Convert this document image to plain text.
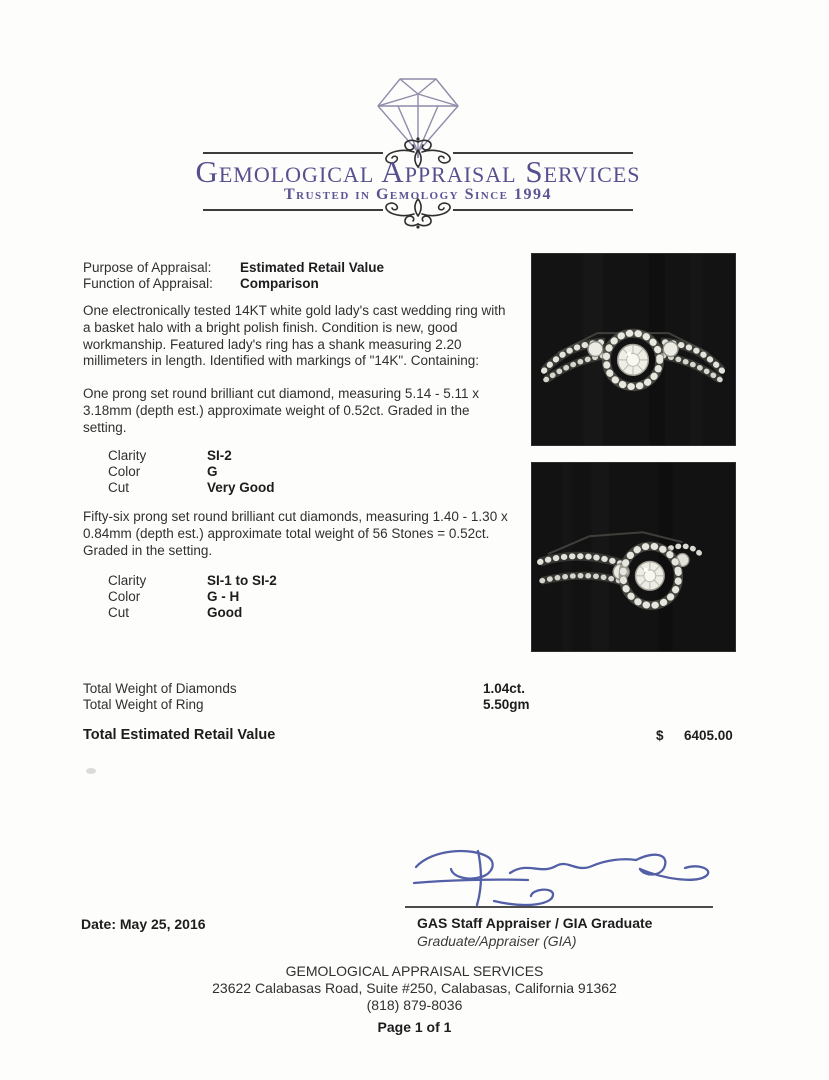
Gemological Appraisal Services
Trusted in Gemology Since 1994
Purpose of Appraisal: Estimated Retail Value
Function of Appraisal: Comparison
One electronically tested 14KT white gold lady's cast wedding ring with a basket halo with a bright polish finish. Condition is new, good workmanship. Featured lady's ring has a shank measuring 2.20 millimeters in length. Identified with markings of "14K". Containing:
One prong set round brilliant cut diamond, measuring 5.14 - 5.11 x 3.18mm (depth est.) approximate weight of 0.52ct. Graded in the setting.
Clarity	SI-2
Color	G
Cut	Very Good
Fifty-six prong set round brilliant cut diamonds, measuring 1.40 - 1.30 x 0.84mm (depth est.) approximate total weight of 56 Stones = 0.52ct. Graded in the setting.
Clarity	SI-1 to SI-2
Color	G - H
Cut	Good
Total Weight of Diamonds	1.04ct.
Total Weight of Ring	5.50gm
Total Estimated Retail Value	$ 6405.00
Date: May 25, 2016	GAS Staff Appraiser / GIA Graduate
Graduate/Appraiser (GIA)
GEMOLOGICAL APPRAISAL SERVICES
23622 Calabasas Road, Suite #250, Calabasas, California 91362
(818) 879-8036
Page 1 of 1
